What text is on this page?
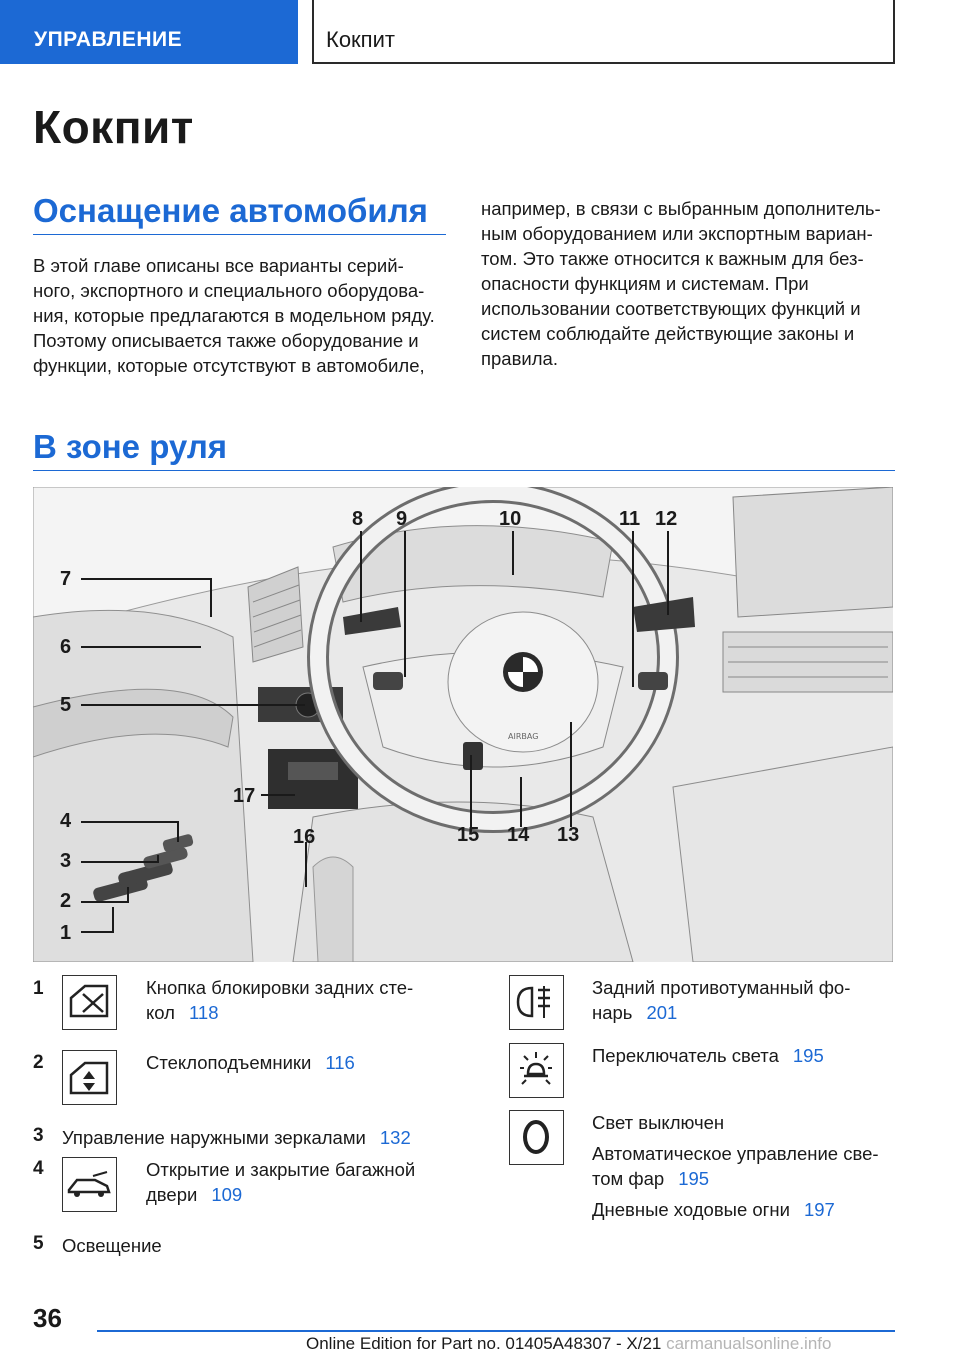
УПРАВЛЕНИЕ	Кокпит
Кокпит
Оснащение автомобиля
В этой главе описаны все варианты серий-
ного, экспортного и специального оборудова-
ния, которые предлагаются в модельном ряду.
Поэтому описывается также оборудование и
функции, которые отсутствуют в автомобиле,
например, в связи с выбранным дополнитель-
ным оборудованием или экспортным вариан-
том. Это также относится к важным для без-
опасности функциям и системам. При
использовании соответствующих функций и
систем соблюдайте действующие законы и
правила.
В зоне руля
AIRBAG
1
2
3
4
5
6
7
8 9	10	11 12
13
14
15
16
17
1	Кнопка блокировки задних сте-
кол 118
2	Стеклоподъемники 116
3 Управление наружными зеркалами 132
4	Открытие и закрытие багажной
двери 109
5 Освещение
Задний противотуманный фо-
нарь 201
Переключатель света 195
Свет выключен
Автоматическое управление све-
том фар 195
Дневные ходовые огни 197
36
Online Edition for Part no. 01405A48307 - X/21 carmanualsonline.info
